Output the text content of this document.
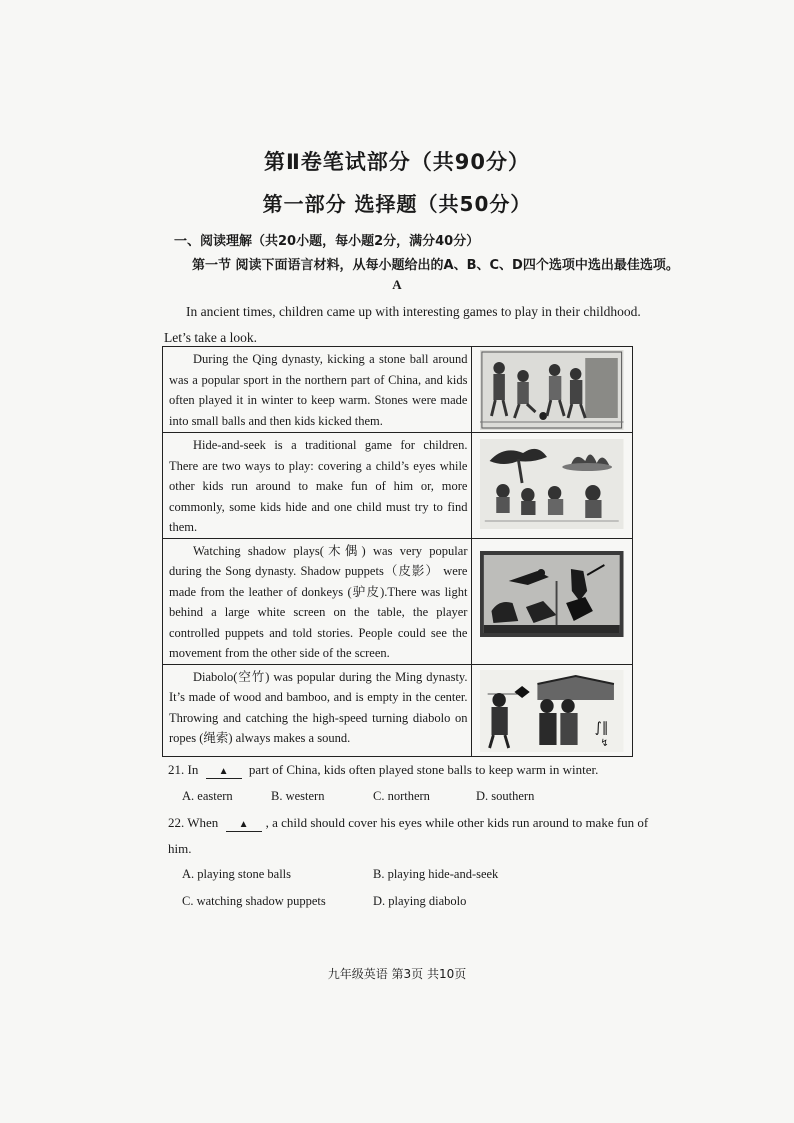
第Ⅱ卷笔试部分（共90分）
第一部分 选择题（共50分）
一、阅读理解（共20小题，每小题2分，满分40分）
第一节 阅读下面语言材料，从每小题给出的A、B、C、D四个选项中选出最佳选项。
A
In ancient times, children came up with interesting games to play in their childhood.
Let’s take a look.

During the Qing dynasty, kicking a stone ball around was a popular sport in the northern part of China, and kids often played it in winter to keep warm. Stones were made into small balls and then kids kicked them.

Hide-and-seek is a traditional game for children. There are two ways to play: covering a child’s eyes while other kids run around to make fun of him or, more commonly, some kids hide and one child must try to find them.

Watching shadow plays(木偶) was very popular during the Song dynasty. Shadow puppets（皮影） were made from the leather of donkeys (驴皮).There was light behind a large white screen on the table, the player controlled puppets and told stories. People could see the movement from the other side of the screen.

Diabolo(空竹) was popular during the Ming dynasty. It’s made of wood and bamboo, and is empty in the center. Throwing and catching the high-speed turning diabolo on ropes (绳索) always makes a sound.	∫∥
↯
21. In ▲ part of China, kids often played stone balls to keep warm in winter.
A. eastern	B. western	C. northern	D. southern
22. When ▲ , a child should cover his eyes while other kids run around to make fun of
him.
A. playing stone balls	B. playing hide-and-seek
C. watching shadow puppets	D. playing diabolo
九年级英语 第3页 共10页
